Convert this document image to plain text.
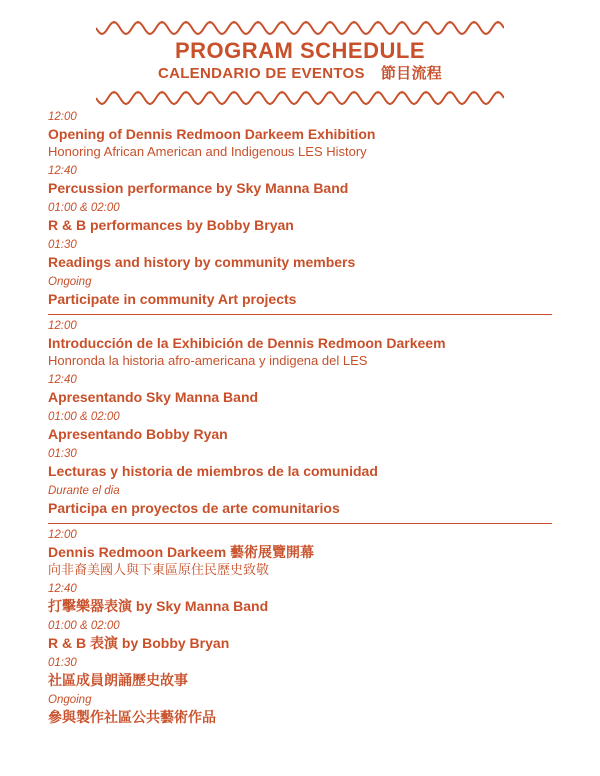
PROGRAM SCHEDULE
CALENDARIO DE EVENTOS 節目流程
12:00
Opening of Dennis Redmoon Darkeem Exhibition
Honoring African American and Indigenous LES History
12:40
Percussion performance by Sky Manna Band
01:00 & 02:00
R & B performances by Bobby Bryan
01:30
Readings and history by community members
Ongoing
Participate in community Art projects
12:00
Introducción de la Exhibición de Dennis Redmoon Darkeem
Honronda la historia afro-americana y indigena del LES
12:40
Apresentando Sky Manna Band
01:00 & 02:00
Apresentando Bobby Ryan
01:30
Lecturas y historia de miembros de la comunidad
Durante el dia
Participa en proyectos de arte comunitarios
12:00
Dennis Redmoon Darkeem 藝術展覽開幕
向非裔美國人與下東區原住民歷史致敬
12:40
打擊樂器表演 by Sky Manna Band
01:00 & 02:00
R & B 表演 by Bobby Bryan
01:30
社區成員朗誦歷史故事
Ongoing
參與製作社區公共藝術作品
